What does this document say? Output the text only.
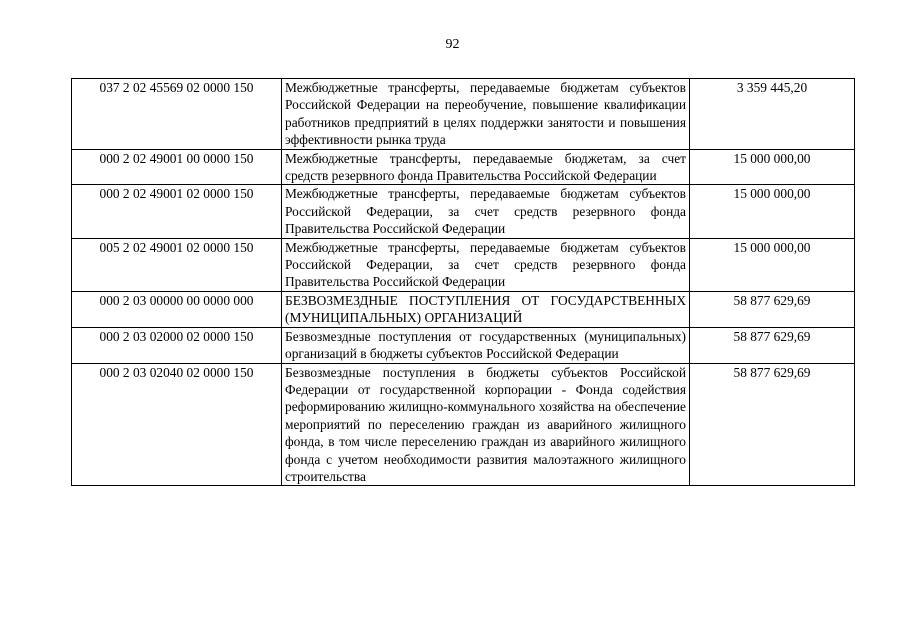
92
037 2 02 45569 02 0000 150	Межбюджетные трансферты, передаваемые бюджетам субъектов Российской Федерации на переобучение, повышение квалификации работников предприятий в целях поддержки занятости и повышения эффективности рынка труда	3 359 445,20
000 2 02 49001 00 0000 150	Межбюджетные трансферты, передаваемые бюджетам, за счет средств резервного фонда Правительства Российской Федерации	15 000 000,00
000 2 02 49001 02 0000 150	Межбюджетные трансферты, передаваемые бюджетам субъектов Российской Федерации, за счет средств резервного фонда Правительства Российской Федерации	15 000 000,00
005 2 02 49001 02 0000 150	Межбюджетные трансферты, передаваемые бюджетам субъектов Российской Федерации, за счет средств резервного фонда Правительства Российской Федерации	15 000 000,00
000 2 03 00000 00 0000 000	БЕЗВОЗМЕЗДНЫЕ ПОСТУПЛЕНИЯ ОТ ГОСУДАРСТВЕННЫХ (МУНИЦИПАЛЬНЫХ) ОРГАНИЗАЦИЙ	58 877 629,69
000 2 03 02000 02 0000 150	Безвозмездные поступления от государственных (муниципальных) организаций в бюджеты субъектов Российской Федерации	58 877 629,69
000 2 03 02040 02 0000 150	Безвозмездные поступления в бюджеты субъектов Российской Федерации от государственной корпорации - Фонда содействия реформированию жилищно-коммунального хозяйства на обеспечение мероприятий по переселению граждан из аварийного жилищного фонда, в том числе переселению граждан из аварийного жилищного фонда с учетом необходимости развития малоэтажного жилищного строительства	58 877 629,69
